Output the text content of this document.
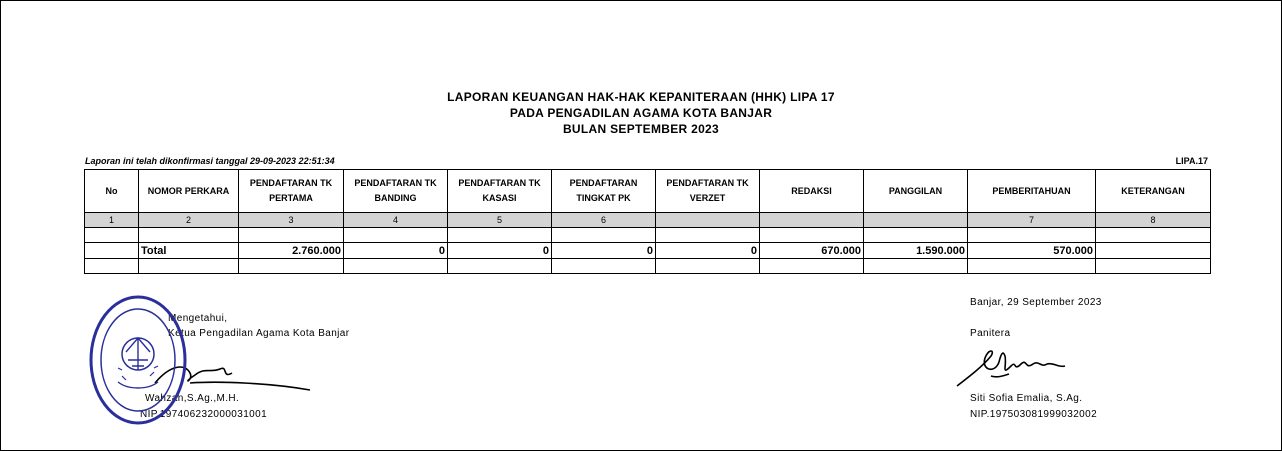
LAPORAN KEUANGAN HAK-HAK KEPANITERAAN (HHK) LIPA 17
PADA PENGADILAN AGAMA KOTA BANJAR
BULAN SEPTEMBER 2023
Laporan ini telah dikonfirmasi tanggal 29-09-2023 22:51:34	LIPA.17
No	NOMOR PERKARA	PENDAFTARAN TK PERTAMA	PENDAFTARAN TK BANDING	PENDAFTARAN TK KASASI	PENDAFTARAN TINGKAT PK	PENDAFTARAN TK VERZET	REDAKSI	PANGGILAN	PEMBERITAHUAN	KETERANGAN
1	2	3	4	5	6				7	8

	Total	2.760.000	0	0	0	0	670.000	1.590.000	570.000	

Mengetahui,
Ketua Pengadilan Agama Kota Banjar
Wahzan,S.Ag.,M.H.
NIP.197406232000031001
Banjar, 29 September 2023
Panitera
Siti Sofia Emalia, S.Ag.
NIP.197503081999032002
